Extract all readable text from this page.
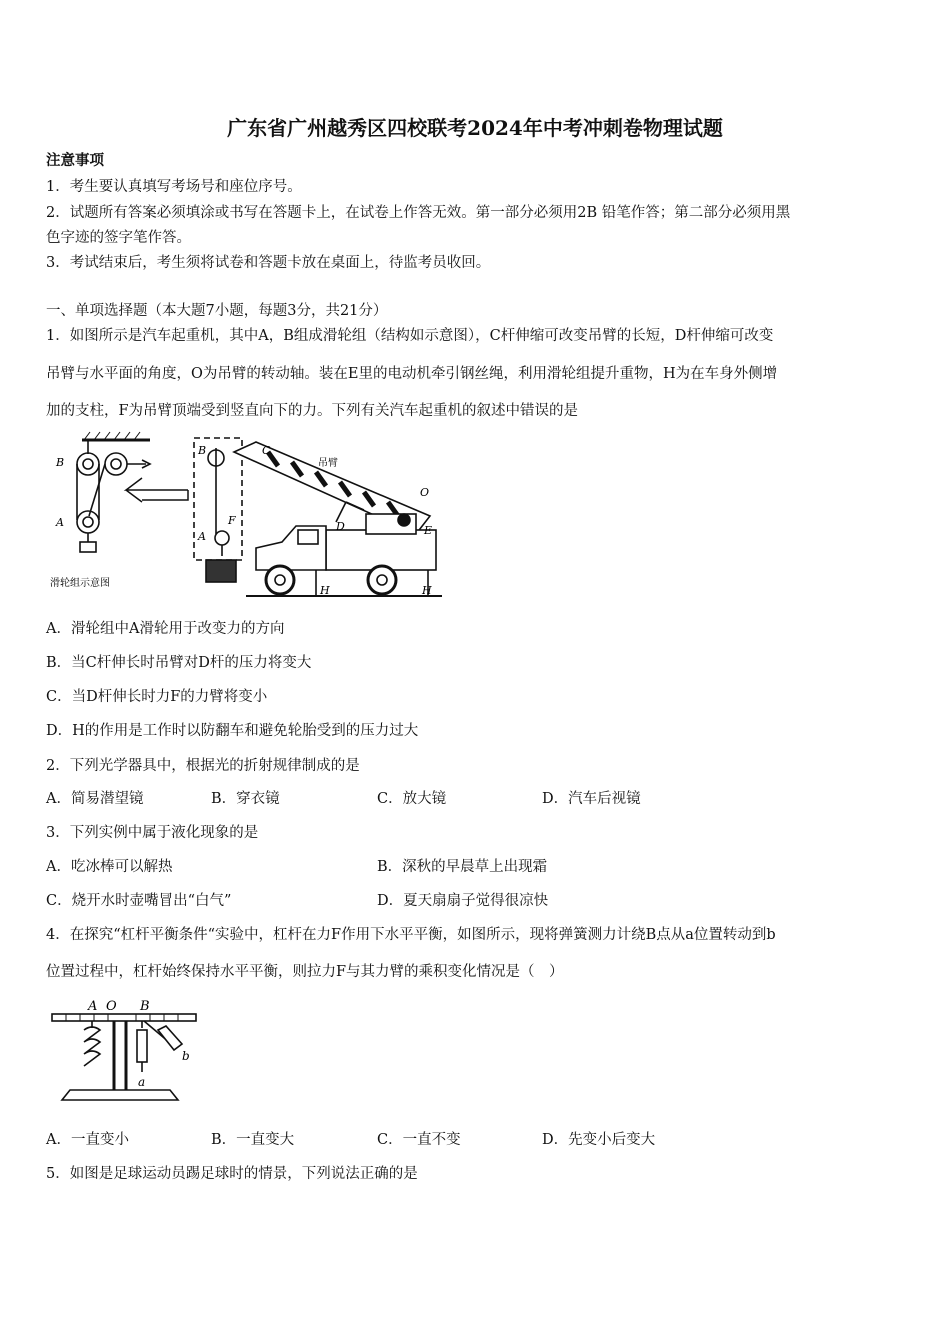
广东省广州越秀区四校联考2024年中考冲刺卷物理试题
注意事项
1．考生要认真填写考场号和座位序号。
2．试题所有答案必须填涂或书写在答题卡上，在试卷上作答无效。第一部分必须用2B 铅笔作答；第二部分必须用黑
色字迹的签字笔作答。
3．考试结束后，考生须将试卷和答题卡放在桌面上，待监考员收回。
一、单项选择题（本大题7小题，每题3分，共21分）
1．如图所示是汽车起重机，其中A，B组成滑轮组（结构如示意图），C杆伸缩可改变吊臂的长短，D杆伸缩可改变
吊臂与水平面的角度，O为吊臂的转动轴。装在E里的电动机牵引钢丝绳，利用滑轮组提升重物，H为在车身外侧增
加的支柱，F为吊臂顶端受到竖直向下的力。下列有关汽车起重机的叙述中错误的是
B
A
B
A
F
C
吊臂
O
D	E
H	H
滑轮组示意图
A．滑轮组中A滑轮用于改变力的方向
B．当C杆伸长时吊臂对D杆的压力将变大
C．当D杆伸长时力F的力臂将变小
D．H的作用是工作时以防翻车和避免轮胎受到的压力过大
2．下列光学器具中，根据光的折射规律制成的是
A．简易潜望镜	B．穿衣镜	C．放大镜	D．汽车后视镜
3．下列实例中属于液化现象的是
A．吃冰棒可以解热	B．深秋的早晨草上出现霜
C．烧开水时壶嘴冒出“白气”	D．夏天扇扇子觉得很凉快
4．在探究“杠杆平衡条件“实验中，杠杆在力F作用下水平平衡，如图所示，现将弹簧测力计绕B点从a位置转动到b
位置过程中，杠杆始终保持水平平衡，则拉力F与其力臂的乘积变化情况是（　）
A O B
b
a
A．一直变小	B．一直变大	C．一直不变	D．先变小后变大
5．如图是足球运动员踢足球时的情景，下列说法正确的是
